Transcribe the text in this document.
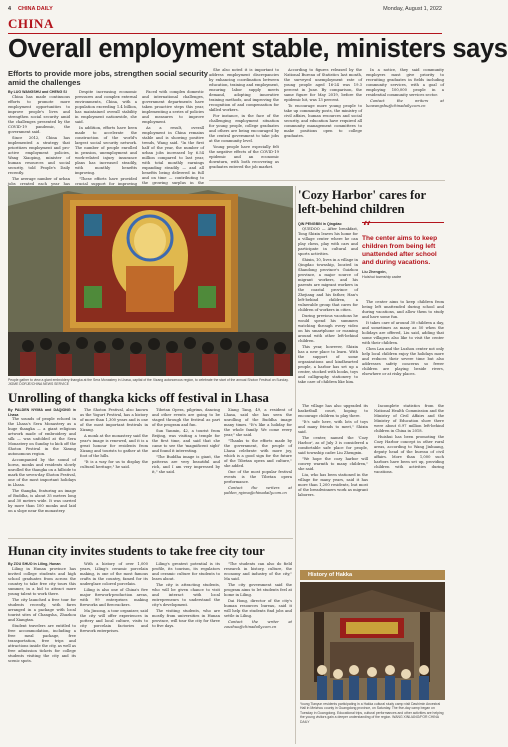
4 CHINA DAILY	Monday, August 1, 2022
CHINA
Overall employment stable, ministers says
Efforts to provide more jobs, strengthen social security amid the challenges
By LUO WANGSHU and CHENG SI

China has made continuous efforts to promote more employment opportunities to improve people's lives and strengthen social security amid the challenges presented by the COVID-19 pandemic, the government said.

Since 2012, China has implemented a strategy that prioritizes employment and pro-active employment policies, Wang Xiaoping, minister of human resources and social security, told People's Daily recently.

The average number of urban jobs created each year has

Despite increasing economic pressures and complex external environments, China, with a population exceeding 1.4 billion, has maintained overall stability in employment nationwide, she said.

In addition, efforts have been made to accelerate the construction of the world's largest social security network. The number of people enrolled in pension, unemployment and work-related injury insurance plans has increased steadily, with monthly benefits improving.

"These efforts have provided crucial support for improving

Faced with complex domestic and international challenges, government departments have taken proactive steps this year, implementing a series of policies and measures to improve employment.

As a result, overall employment in China remains stable and is showing positive trends, Wang said. "In the first half of the year, the number of urban jobs increased by 6.54 million compared to last year, with total monthly earnings expanding steadily — and all benefits being delivered in full and on time — contributing to the growing surplus in the

She also noted it is important to address employment discrepancies by enhancing coordination between education, training and employment, ensuring labor supply meets demand, adopting innovative training methods, and improving the recognition of and compensation for skilled workers.

For instance, in the face of the challenging employment situation for young people, college graduates and others are being encouraged by the central government to take jobs at the community level.

Young people have especially felt the negative effects of the COVID-19 epidemic and an economic downturn, with both recovering as graduates entered the job market.

According to figures released by the National Bureau of Statistics last month, the surveyed unemployment rate of young people aged 16-24 was 19.3 percent in June. By comparison, the same figure for May 2019, before the epidemic hit, was 13 percent.

To encourage more young people to take up community posts, the ministry of civil affairs, human resources and social security, and education have required all community management committees to make positions open to college graduates.

In a notice, they said community employers must give priority to recruiting graduates in fields including community services, with a goal of employing 100,000 people in a residential community services sector.

Contact the writers at luowangshu@chinadaily.com.cn

'Cozy Harbor' cares for left-behind children
People gather to view a giant embroidery thangka at the Sera Monastery in Lhasa, capital of the Xizang autonomous region, to celebrate the start of the annual Shoton Festival on Sunday. JIGME DORJE/CHINA NEWS SERVICE
“
The center aims to keep children from being left unattended after school and during vacations.
Liu Zhengxin,
Huishui township cadre
QIN PENGBIN in Qingdao

QUEDOO — After breakfast, Tong Shixin leaves his home for a village center where he can play chess, play with cars and participate in cultural and sports activities.

Shixin, 10, lives in a village in Qingdao township, located in Shandong province's Guizhou province, a major source of migrant workers, and his parents are migrant workers in the coastal province of Zhejiang and his father, Han's left-behind children, a vulnerable group that cares for children of workers in cities.

During previous vacations he would spend his summers watching through every video on his smartphone or roaming around with other left-behind children.

This year, however, Shixin has a new place to learn. With the support of some organizations and kindhearted people, a harbor has set up a center, stocked with books, toys and calligraphy stationery to take care of children like him.

The center aims to keep children from being left unattended during school and during vacations, and allow them to study and have some fun.

It takes care of around 30 children a day, and sometimes as many as 50 when the holidays are offered, Liu said, adding that some villagers also like to visit the center with their children.

Chen Lan and the Luzhou center not only help local children enjoy the holidays more and reduces their severe time but also addresses safety concerns so fewer children are playing beside rivers, elsewhere or at risky places.

The village has also upgraded its basketball court, hoping to encourage children to play there.

"It's safe here, with lots of toys and many friends to meet," Shixin said.

The center, named the 'Cozy Harbor', as of July 3 is considered a comfortable safe place for people, said township cadre Liu Zhengxin.

"We hope the cozy harbor will convey warmth to many children," she said.

Liu, who has been stationed in the village for many years, said it has more than 1,200 residents, but most of the breadwinners work as migrant laborers.

Incomplete statistics from the National Health Commission and the Ministry of Civil Affairs and the Ministry of Education show there were about 6.97 million left-behind children in China in 2018.

Huishui has been promoting the Cozy Harbor concept in other rural areas, according to Wang Jinhuang, deputy head of the bureau of civil affairs. More than 1,000 such harbors have been set up, providing children with activities during vacations.

Unrolling of thangka kicks off festival in Lhasa
By PALDEN NYIMA and DAQIONG in Lhasa

The sounds of people echoed in the Lhasa's Sera Monastery as a huge thangka — a giant religious artwork made of embroidery and silk — was unfolded at the Sera Monastery on Sunday to kick off the Shoton Festival in the Xizang autonomous region.

Accompanied by the sound of horns, monks and residents slowly unrolled the thangka on a hillside to mark the seven-day Shoton Festival, one of the most important holidays in Lhasa.

The thangka, featuring an image of Buddha, is about 35 meters long and 30 meters wide. It was carried by more than 100 monks and laid on a slope near the monastery.

The Shoton Festival, also known as the Yogurt Festival, has a history of more than 1,300 years and is one of the most important festivals in Xizang.

A monk at the monastery said the year's image is renewed, and it is a great honour for residents from Xizang and tourists to gather at the foot of the hills.

"It is a way for us to display the cultural heritage," he said.

Tibetan Opera, pilgrims, dancing and other events are going to be staged through the festival as part of the program and fun.

Sun Yanmin, 42, a tourist from Beijing, was visiting a temple for the first time, and said that she came to see the 'magnificent sight' and found it interesting.

"The Buddha image is giant, the patterns are very beautiful and rich, and I am very impressed by it," she said.

Xiang Tang, 49, a resident of Lhasa, said she has seen the unrolling of the Buddha image many times. "It's like a holiday for the whole family. We come every year," she said.

"Thanks to the efforts made by the government, the people of Lhasa celebrate with more joy, which is a good sign for the future of the Tibetan opera and culture," she added.

One of the most popular festival events is the Tibetan opera performance.

Contact the writers at palden_nyima@chinadaily.com.cn

Hunan city invites students to take free city tour
By ZOU SHUO in Liling, Hunan

Liling in Hunan province has invited college students and high school graduates from across the country to take free city tours this summer, in a bid to attract more young talent to work there.

The city launched a free tour for students recently, with fares arranged in a package with local tourist sites of Changsha, Zhuzhou and Xiangtan.

Student travelers are entitled to free accommodation, including a free meal package, free transportation, free trips and attractions inside the city, as well as free admission tickets for college students visiting the city and its scenic spots.

With a history of over 1,000 years, Liling's ceramic porcelain making, is one of the most famous crafts in the country, famed for its underglaze colored porcelain.

Liling is also one of China's five major firework-production areas, with 99 enterprises making fireworks and firecrackers.

Ma Jinsong, a tour organizer, said the city will offer experiences in pottery and local culture, visits to city porcelain factories and firework enterprises.

Liling's greatest potential is its profile, its tourism, its regulators and ceramic culture for students to learn about.

The city is attracting students, who will be given chance to visit and interact with local entrepreneurs to understand the city's development.

The visiting students, who are mostly from universities in Hunan province, will tour the city for three to five days.

"The students can also do field research in history, culture, the economy and industry of the city," Ma said.

The city government said the program aims to let students feel at home in Liling.

Dai Hong, director of the city's human resources bureau, said it will help the students find jobs and settle in Liling.

Contact the writer at zoushuo@chinadaily.com.cn

History of Hakka
Young Tianyun residents participating in a Hakka cultural study camp visit Dashimin Ancestral Hall in Meizhou county in Guangdong province, on Saturday. The five-day camp began on Tuesday in Guangdong. Educational trips, cultural performances and other activities are helping the young visitors gain a deeper understanding of the region. WANG XINLIANG/FOR CHINA DAILY
